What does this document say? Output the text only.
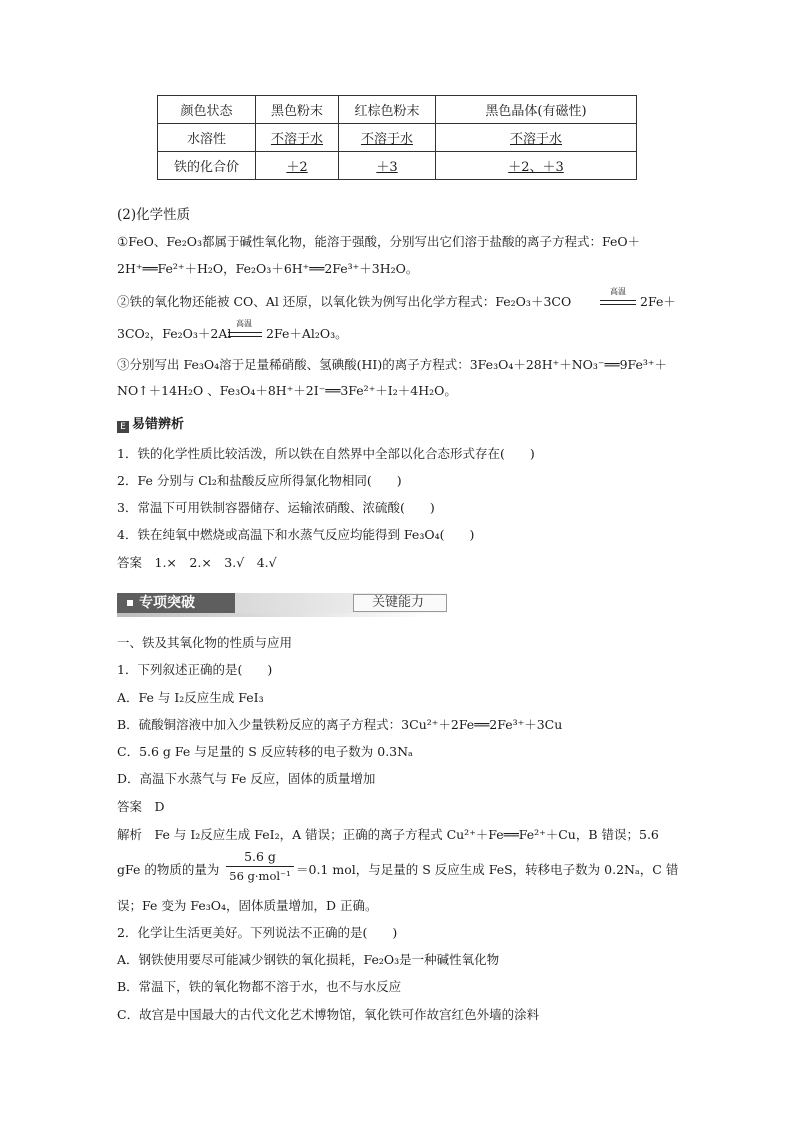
颜色状态	黑色粉末	红棕色粉末	黑色晶体(有磁性)
水溶性	不溶于水	不溶于水	不溶于水
铁的化合价	＋2	＋3	＋2、＋3
(2)化学性质
①FeO、Fe₂O₃都属于碱性氧化物，能溶于强酸，分别写出它们溶于盐酸的离子方程式：FeO＋
2H⁺══Fe²⁺＋H₂O，Fe₂O₃＋6H⁺══2Fe³⁺＋3H₂O。
②铁的氧化物还能被 CO、Al 还原，以氧化铁为例写出化学方程式：Fe₂O₃＋3CO
高温
2Fe＋
3CO₂，Fe₂O₃＋2Al
高温
2Fe＋Al₂O₃。
③分别写出 Fe₃O₄溶于足量稀硝酸、氢碘酸(HI)的离子方程式：3Fe₃O₄＋28H⁺＋NO₃⁻══9Fe³⁺＋
NO↑＋14H₂O 、Fe₃O₄＋8H⁺＋2I⁻══3Fe²⁺＋I₂＋4H₂O。
E 易错辨析
1．铁的化学性质比较活泼，所以铁在自然界中全部以化合态形式存在(　　)
2．Fe 分别与 Cl₂和盐酸反应所得氯化物相同(　　)
3．常温下可用铁制容器储存、运输浓硝酸、浓硫酸(　　)
4．铁在纯氧中燃烧或高温下和水蒸气反应均能得到 Fe₃O₄(　　)
答案　1.×　2.×　3.√　4.√
专项突破	关键能力
一、铁及其氧化物的性质与应用
1．下列叙述正确的是(　　)
A．Fe 与 I₂反应生成 FeI₃
B．硫酸铜溶液中加入少量铁粉反应的离子方程式：3Cu²⁺＋2Fe══2Fe³⁺＋3Cu
C．5.6 g Fe 与足量的 S 反应转移的电子数为 0.3Nₐ
D．高温下水蒸气与 Fe 反应，固体的质量增加
答案　D
解析　Fe 与 I₂反应生成 FeI₂，A 错误；正确的离子方程式 Cu²⁺＋Fe══Fe²⁺＋Cu，B 错误；5.6
gFe 的物质的量为
5.6 g
56 g·mol⁻¹ ＝0.1 mol，与足量的 S 反应生成 FeS，转移电子数为 0.2Nₐ，C 错
误；Fe 变为 Fe₃O₄，固体质量增加，D 正确。
2．化学让生活更美好。下列说法不正确的是(　　)
A．钢铁使用要尽可能减少钢铁的氧化损耗，Fe₂O₃是一种碱性氧化物
B．常温下，铁的氧化物都不溶于水，也不与水反应
C．故宫是中国最大的古代文化艺术博物馆，氧化铁可作故宫红色外墙的涂料
